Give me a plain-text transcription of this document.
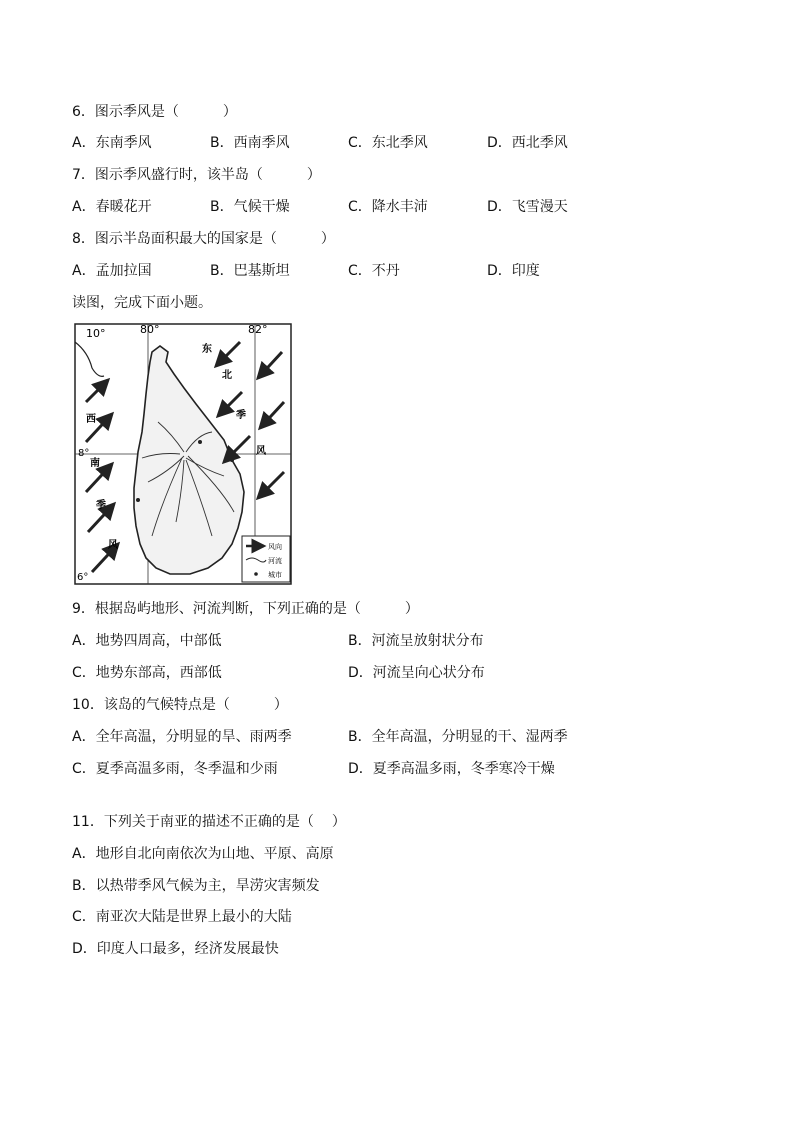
6．图示季风是（	）
A．东南季风	B．西南季风	C．东北季风	D．西北季风
7．图示季风盛行时，该半岛（	）
A．春暖花开	B．气候干燥	C．降水丰沛	D．飞雪漫天
8．图示半岛面积最大的国家是（	）
A．孟加拉国	B．巴基斯坦	C．不丹	D．印度
读图，完成下面小题。
10°	80°	82°
8°
6°
西
南
季
风
东
北
季
风
风向
河流
城市
9．根据岛屿地形、河流判断，下列正确的是（	）
A．地势四周高，中部低	B．河流呈放射状分布
C．地势东部高，西部低	D．河流呈向心状分布
10．该岛的气候特点是（	）
A．全年高温，分明显的旱、雨两季	B．全年高温，分明显的干、湿两季
C．夏季高温多雨，冬季温和少雨	D．夏季高温多雨，冬季寒冷干燥
11．下列关于南亚的描述不正确的是（ ）
A．地形自北向南依次为山地、平原、高原
B．以热带季风气候为主，旱涝灾害频发
C．南亚次大陆是世界上最小的大陆
D．印度人口最多，经济发展最快
